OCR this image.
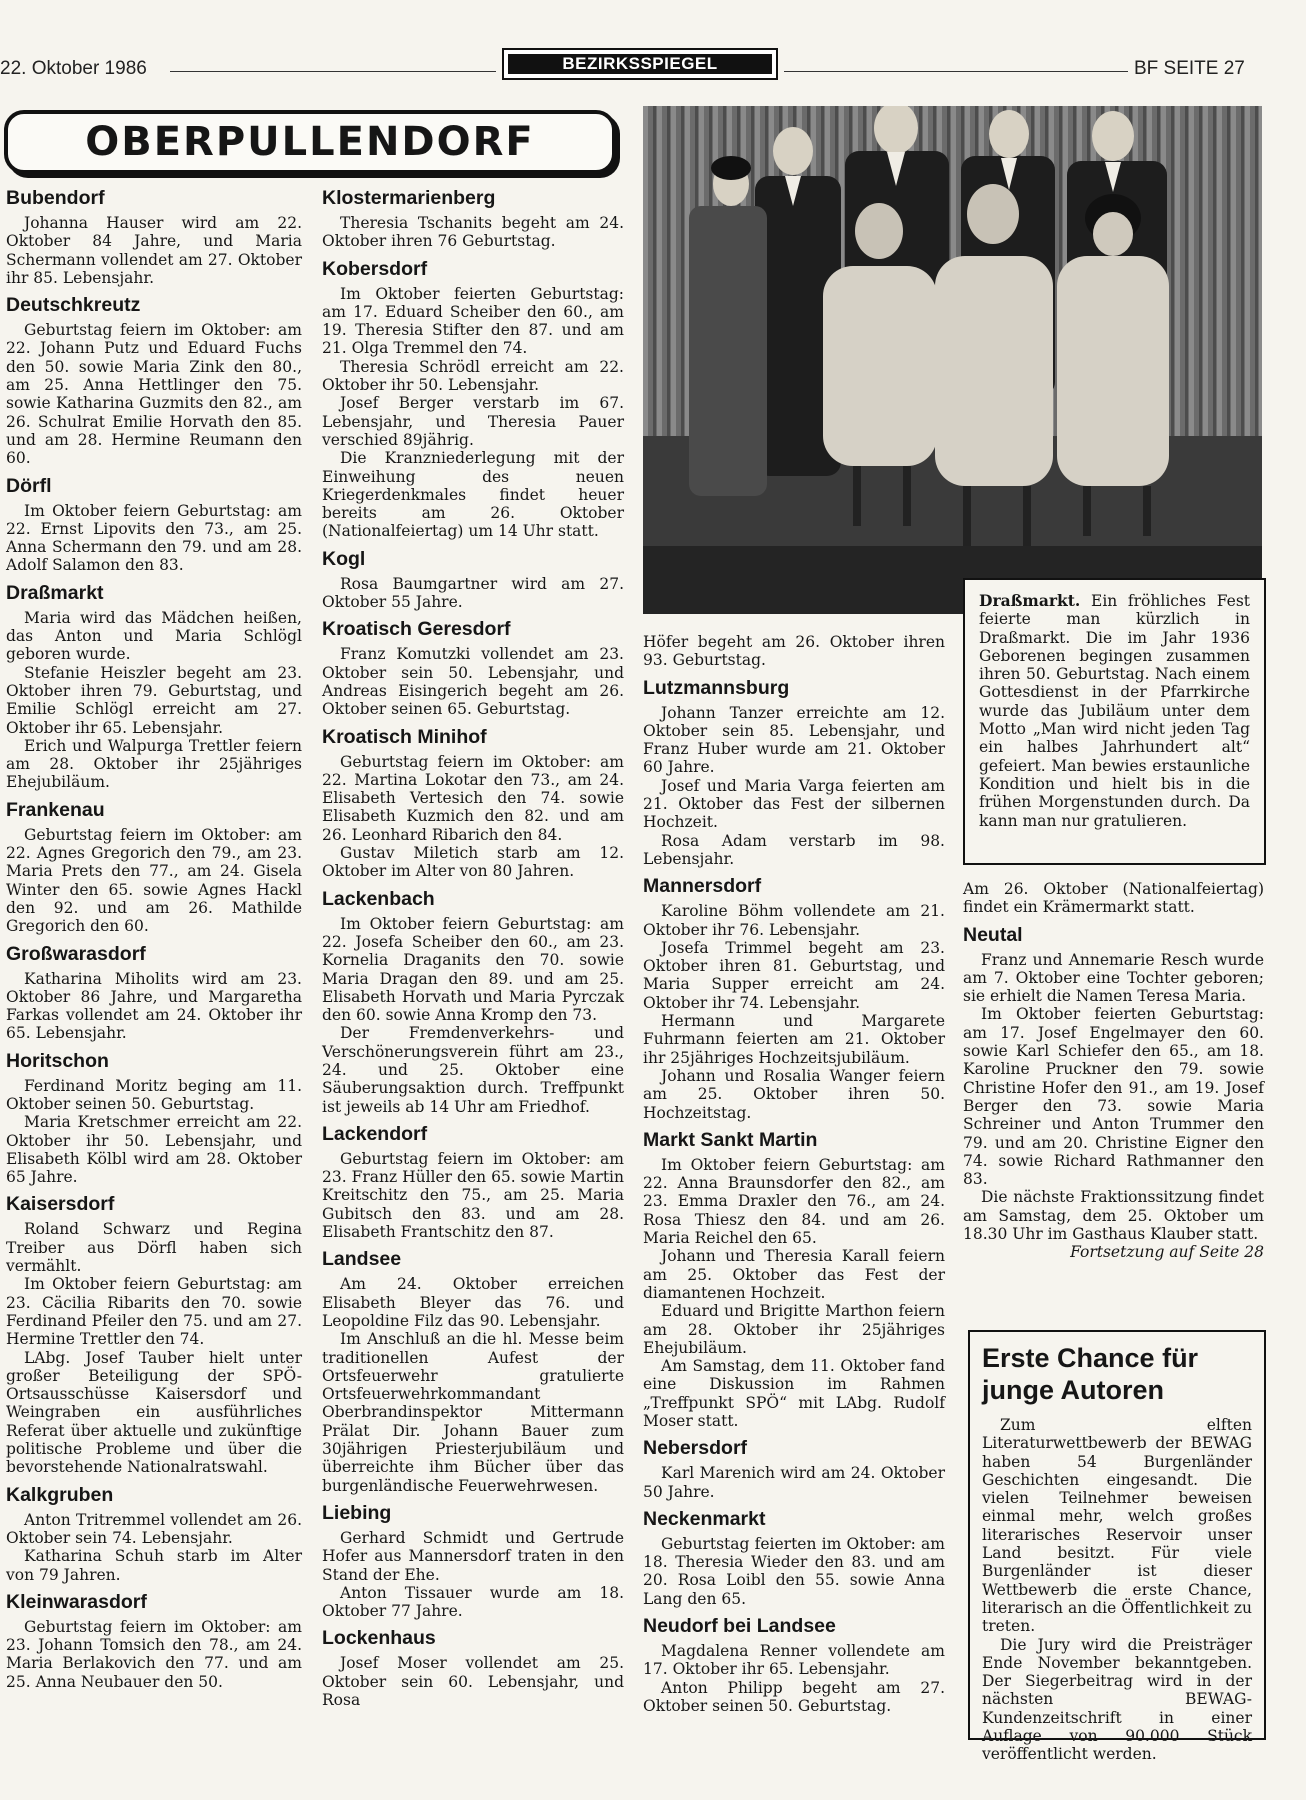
22. Oktober 1986	BEZIRKSSPIEGEL	BF SEITE 27
OBERPULLENDORF
Bubendorf

Johanna Hauser wird am 22. Oktober 84 Jahre, und Maria Schermann vollendet am 27. Oktober ihr 85. Lebensjahr.

Deutschkreutz

Geburtstag feiern im Oktober: am 22. Johann Putz und Eduard Fuchs den 50. sowie Maria Zink den 80., am 25. Anna Hettlinger den 75. sowie Katharina Guzmits den 82., am 26. Schulrat Emilie Horvath den 85. und am 28. Hermine Reumann den 60.

Dörfl

Im Oktober feiern Geburtstag: am 22. Ernst Lipovits den 73., am 25. Anna Schermann den 79. und am 28. Adolf Salamon den 83.

Draßmarkt

Maria wird das Mädchen heißen, das Anton und Maria Schlögl geboren wurde.

Stefanie Heiszler begeht am 23. Oktober ihren 79. Geburtstag, und Emilie Schlögl erreicht am 27. Oktober ihr 65. Lebensjahr.

Erich und Walpurga Trettler feiern am 28. Oktober ihr 25jähriges Ehejubiläum.

Frankenau

Geburtstag feiern im Oktober: am 22. Agnes Gregorich den 79., am 23. Maria Prets den 77., am 24. Gisela Winter den 65. sowie Agnes Hackl den 92. und am 26. Mathilde Gregorich den 60.

Großwarasdorf

Katharina Miholits wird am 23. Oktober 86 Jahre, und Margaretha Farkas vollendet am 24. Oktober ihr 65. Lebensjahr.

Horitschon

Ferdinand Moritz beging am 11. Oktober seinen 50. Geburtstag.

Maria Kretschmer erreicht am 22. Oktober ihr 50. Lebensjahr, und Elisabeth Kölbl wird am 28. Oktober 65 Jahre.

Kaisersdorf

Roland Schwarz und Regina Treiber aus Dörfl haben sich vermählt.

Im Oktober feiern Geburtstag: am 23. Cäcilia Ribarits den 70. sowie Ferdinand Pfeiler den 75. und am 27. Hermine Trettler den 74.

LAbg. Josef Tauber hielt unter großer Beteiligung der SPÖ-Ortsausschüsse Kaisersdorf und Weingraben ein ausführliches Referat über aktuelle und zukünftige politische Probleme und über die bevorstehende Nationalratswahl.

Kalkgruben

Anton Tritremmel vollendet am 26. Oktober sein 74. Lebensjahr.

Katharina Schuh starb im Alter von 79 Jahren.

Kleinwarasdorf

Geburtstag feiern im Oktober: am 23. Johann Tomsich den 78., am 24. Maria Berlakovich den 77. und am 25. Anna Neubauer den 50.

Klostermarienberg

Theresia Tschanits begeht am 24. Oktober ihren 76 Geburtstag.

Kobersdorf

Im Oktober feierten Geburtstag: am 17. Eduard Scheiber den 60., am 19. Theresia Stifter den 87. und am 21. Olga Tremmel den 74.

Theresia Schrödl erreicht am 22. Oktober ihr 50. Lebensjahr.

Josef Berger verstarb im 67. Lebensjahr, und Theresia Pauer verschied 89jährig.

Die Kranzniederlegung mit der Einweihung des neuen Kriegerdenkmales findet heuer bereits am 26. Oktober (Nationalfeiertag) um 14 Uhr statt.

Kogl

Rosa Baumgartner wird am 27. Oktober 55 Jahre.

Kroatisch Geresdorf

Franz Komutzki vollendet am 23. Oktober sein 50. Lebensjahr, und Andreas Eisingerich begeht am 26. Oktober seinen 65. Geburtstag.

Kroatisch Minihof

Geburtstag feiern im Oktober: am 22. Martina Lokotar den 73., am 24. Elisabeth Vertesich den 74. sowie Elisabeth Kuzmich den 82. und am 26. Leonhard Ribarich den 84.

Gustav Miletich starb am 12. Oktober im Alter von 80 Jahren.

Lackenbach

Im Oktober feiern Geburtstag: am 22. Josefa Scheiber den 60., am 23. Kornelia Draganits den 70. sowie Maria Dragan den 89. und am 25. Elisabeth Horvath und Maria Pyrczak den 60. sowie Anna Kromp den 73.

Der Fremdenverkehrs- und Verschönerungsverein führt am 23., 24. und 25. Oktober eine Säuberungsaktion durch. Treffpunkt ist jeweils ab 14 Uhr am Friedhof.

Lackendorf

Geburtstag feiern im Oktober: am 23. Franz Hüller den 65. sowie Martin Kreitschitz den 75., am 25. Maria Gubitsch den 83. und am 28. Elisabeth Frantschitz den 87.

Landsee

Am 24. Oktober erreichen Elisabeth Bleyer das 76. und Leopoldine Filz das 90. Lebensjahr.

Im Anschluß an die hl. Messe beim traditionellen Aufest der Ortsfeuerwehr gratulierte Ortsfeuerwehrkommandant Oberbrandinspektor Mittermann Prälat Dir. Johann Bauer zum 30jährigen Priesterjubiläum und überreichte ihm Bücher über das burgenländische Feuerwehrwesen.

Liebing

Gerhard Schmidt und Gertrude Hofer aus Mannersdorf traten in den Stand der Ehe.

Anton Tissauer wurde am 18. Oktober 77 Jahre.

Lockenhaus

Josef Moser vollendet am 25. Oktober sein 60. Lebensjahr, und Rosa

Höfer begeht am 26. Oktober ihren 93. Geburtstag.

Lutzmannsburg

Johann Tanzer erreichte am 12. Oktober sein 85. Lebensjahr, und Franz Huber wurde am 21. Oktober 60 Jahre.

Josef und Maria Varga feierten am 21. Oktober das Fest der silbernen Hochzeit.

Rosa Adam verstarb im 98. Lebensjahr.

Mannersdorf

Karoline Böhm vollendete am 21. Oktober ihr 76. Lebensjahr.

Josefa Trimmel begeht am 23. Oktober ihren 81. Geburtstag, und Maria Supper erreicht am 24. Oktober ihr 74. Lebensjahr.

Hermann und Margarete Fuhrmann feierten am 21. Oktober ihr 25jähriges Hochzeitsjubiläum.

Johann und Rosalia Wanger feiern am 25. Oktober ihren 50. Hochzeitstag.

Markt Sankt Martin

Im Oktober feiern Geburtstag: am 22. Anna Braunsdorfer den 82., am 23. Emma Draxler den 76., am 24. Rosa Thiesz den 84. und am 26. Maria Reichel den 65.

Johann und Theresia Karall feiern am 25. Oktober das Fest der diamantenen Hochzeit.

Eduard und Brigitte Marthon feiern am 28. Oktober ihr 25jähriges Ehejubiläum.

Am Samstag, dem 11. Oktober fand eine Diskussion im Rahmen „Treffpunkt SPÖ“ mit LAbg. Rudolf Moser statt.

Nebersdorf

Karl Marenich wird am 24. Oktober 50 Jahre.

Neckenmarkt

Geburtstag feierten im Oktober: am 18. Theresia Wieder den 83. und am 20. Rosa Loibl den 55. sowie Anna Lang den 65.

Neudorf bei Landsee

Magdalena Renner vollendete am 17. Oktober ihr 65. Lebensjahr.

Anton Philipp begeht am 27. Oktober seinen 50. Geburtstag.

Am 26. Oktober (Nationalfeiertag) findet ein Krämermarkt statt.

Neutal

Franz und Annemarie Resch wurde am 7. Oktober eine Tochter geboren; sie erhielt die Namen Teresa Maria.

Im Oktober feierten Geburtstag: am 17. Josef Engelmayer den 60. sowie Karl Schiefer den 65., am 18. Karoline Pruckner den 79. sowie Christine Hofer den 91., am 19. Josef Berger den 73. sowie Maria Schreiner und Anton Trummer den 79. und am 20. Christine Eigner den 74. sowie Richard Rathmanner den 83.

Die nächste Fraktionssitzung findet am Samstag, dem 25. Oktober um 18.30 Uhr im Gasthaus Klauber statt.

Fortsetzung auf Seite 28

Draßmarkt. Ein fröhliches Fest feierte man kürzlich in Draßmarkt. Die im Jahr 1936 Geborenen begingen zusammen ihren 50. Geburtstag. Nach einem Gottesdienst in der Pfarrkirche wurde das Jubiläum unter dem Motto „Man wird nicht jeden Tag ein halbes Jahrhundert alt“ gefeiert. Man bewies erstaunliche Kondition und hielt bis in die frühen Morgenstunden durch. Da kann man nur gratulieren.
Erste Chance für junge Autoren

Zum elften Literaturwettbewerb der BEWAG haben 54 Burgenländer Geschichten eingesandt. Die vielen Teilnehmer beweisen einmal mehr, welch großes literarisches Reservoir unser Land besitzt. Für viele Burgenländer ist dieser Wettbewerb die erste Chance, literarisch an die Öffentlichkeit zu treten.

Die Jury wird die Preisträger Ende November bekanntgeben. Der Siegerbeitrag wird in der nächsten BEWAG-Kundenzeitschrift in einer Auflage von 90.000 Stück veröffentlicht werden.
